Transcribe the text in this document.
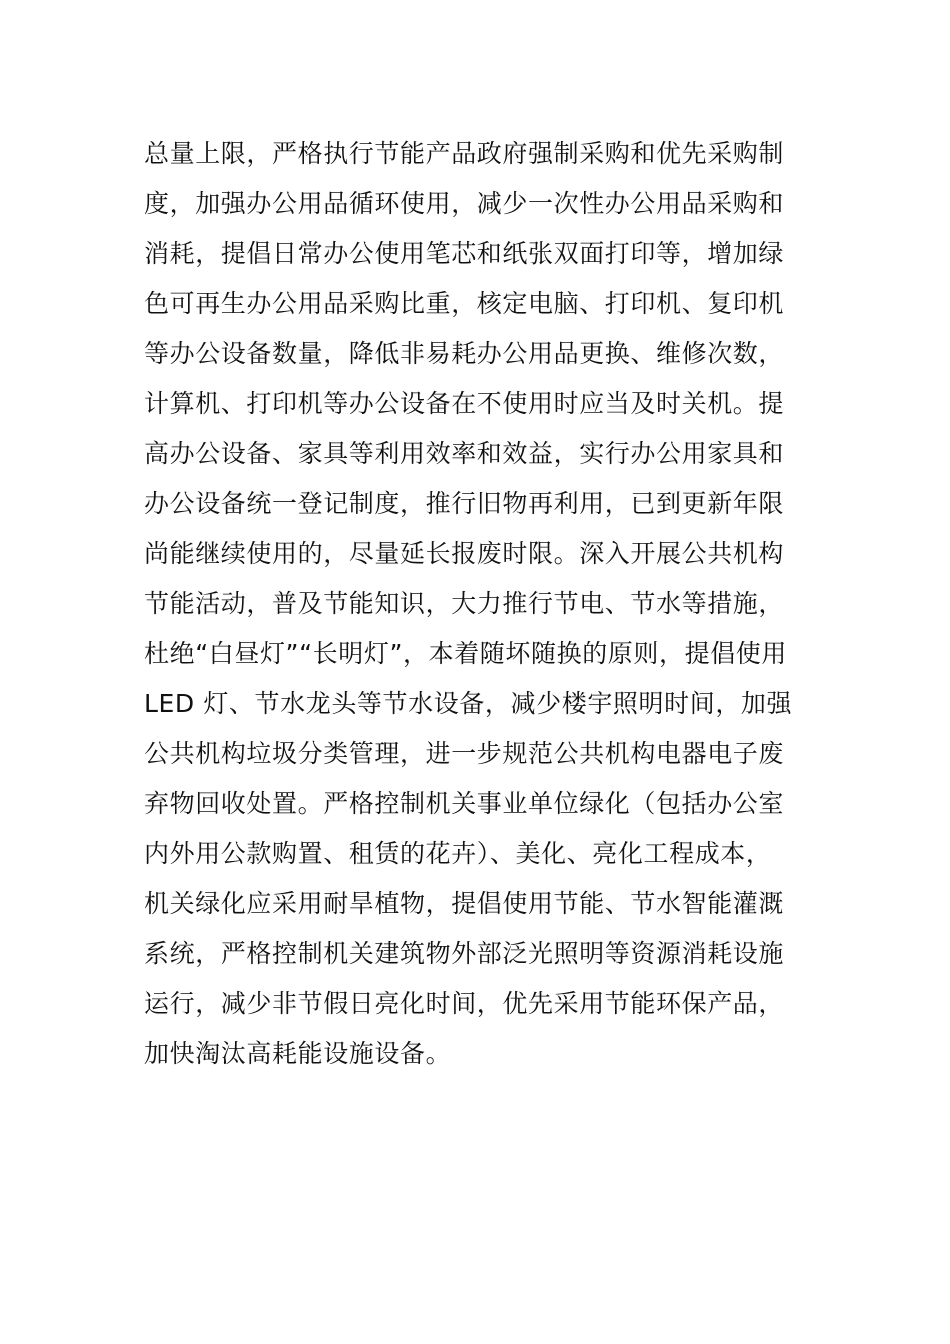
总量上限，严格执行节能产品政府强制采购和优先采购制
度，加强办公用品循环使用，减少一次性办公用品采购和
消耗，提倡日常办公使用笔芯和纸张双面打印等，增加绿
色可再生办公用品采购比重，核定电脑、打印机、复印机
等办公设备数量，降低非易耗办公用品更换、维修次数，
计算机、打印机等办公设备在不使用时应当及时关机。提
高办公设备、家具等利用效率和效益，实行办公用家具和
办公设备统一登记制度，推行旧物再利用，已到更新年限
尚能继续使用的，尽量延长报废时限。深入开展公共机构
节能活动，普及节能知识，大力推行节电、节水等措施，
杜绝“白昼灯”“长明灯”，本着随坏随换的原则，提倡使用
LED 灯、节水龙头等节水设备，减少楼宇照明时间，加强
公共机构垃圾分类管理，进一步规范公共机构电器电子废
弃物回收处置。严格控制机关事业单位绿化（包括办公室
内外用公款购置、租赁的花卉）、美化、亮化工程成本，
机关绿化应采用耐旱植物，提倡使用节能、节水智能灌溉
系统，严格控制机关建筑物外部泛光照明等资源消耗设施
运行，减少非节假日亮化时间，优先采用节能环保产品，
加快淘汰高耗能设施设备。
